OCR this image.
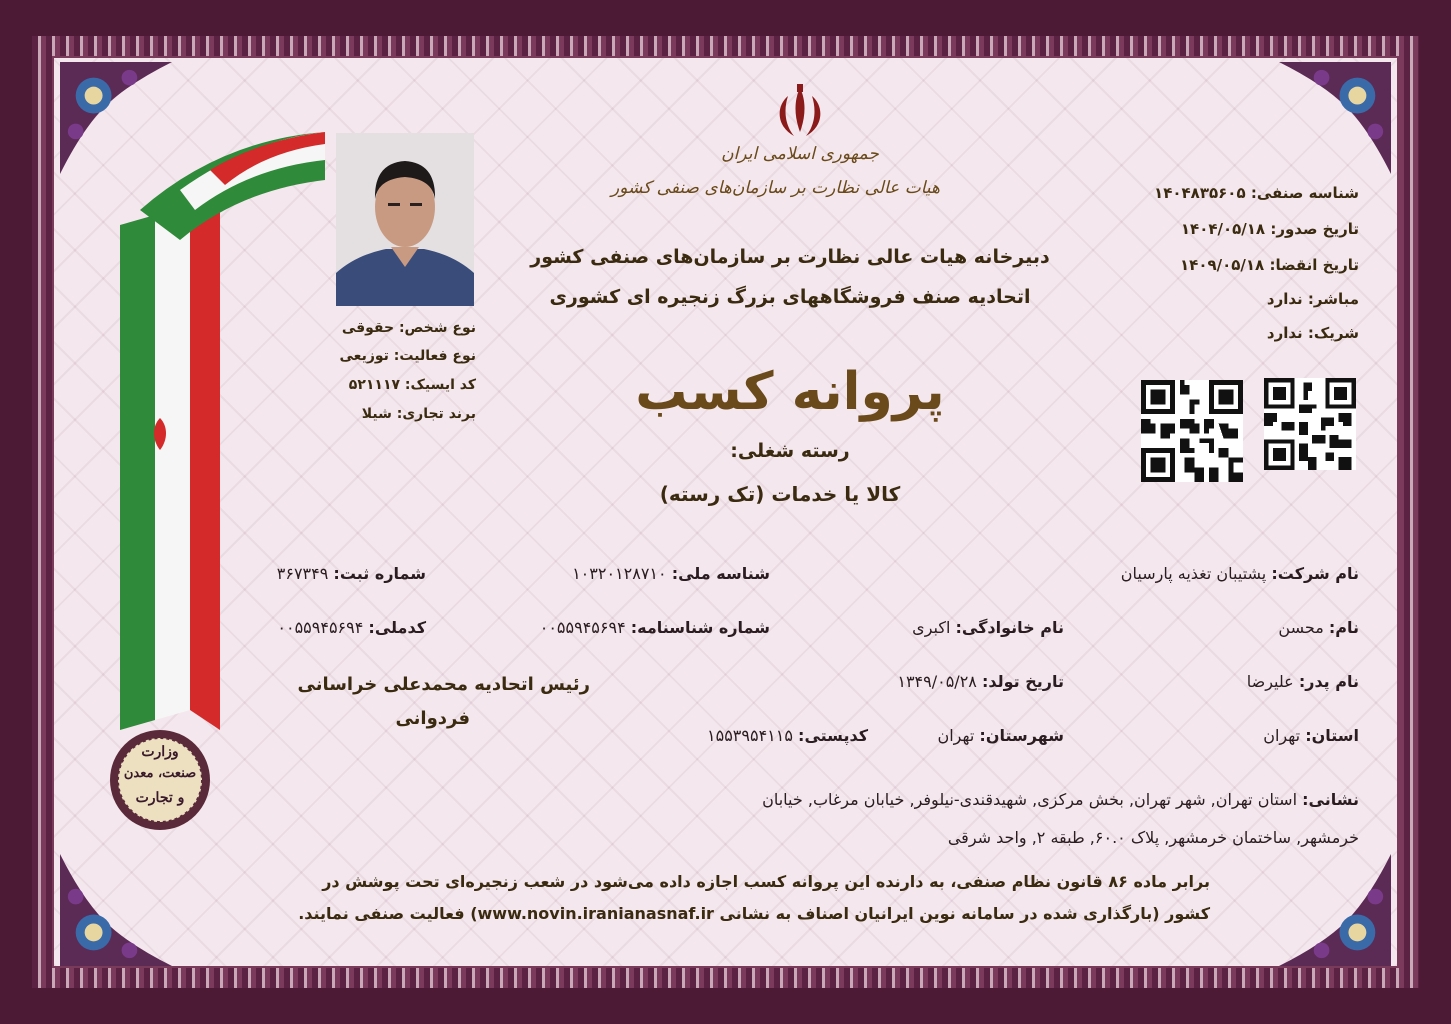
جمهوری اسلامی ایران
هیات عالی نظارت بر سازمان‌های صنفی کشور
دبیرخانه هیات عالی نظارت بر سازمان‌های صنفی کشور
اتحادیه صنف فروشگاههای بزرگ زنجیره ای کشوری
پروانه کسب
رسته شغلی:
کالا یا خدمات (تک رسته)
شناسه صنفی: ۱۴۰۴۸۳۵۶۰۵
تاریخ صدور: ۱۴۰۴/۰۵/۱۸
تاریخ انقضا: ۱۴۰۹/۰۵/۱۸
مباشر: ندارد
شریک: ندارد
وزارت
صنعت، معدن
و تجارت
نوع شخص: حقوقی
نوع فعالیت: توزیعی
کد ایسیک: ۵۲۱۱۱۷
برند تجاری: شیلا
نام شرکت: پشتیبان تغذیه پارسیان
شناسه ملی: ۱۰۳۲۰۱۲۸۷۱۰
شماره ثبت: ۳۶۷۳۴۹
نام: محسن
نام خانوادگی: اکبری
شماره شناسنامه: ۰۰۵۵۹۴۵۶۹۴
کدملی: ۰۰۵۵۹۴۵۶۹۴
نام پدر: علیرضا
تاریخ تولد: ۱۳۴۹/۰۵/۲۸
استان: تهران
شهرستان: تهران
کدپستی: ۱۵۵۳۹۵۴۱۱۵
رئیس اتحادیه محمدعلی خراسانی
فردوانی
نشانی: استان تهران, شهر تهران, بخش مرکزی, شهیدقندی-نیلوفر, خیابان مرغاب, خیابان
خرمشهر, ساختمان خرمشهر, پلاک ۶۰.۰, طبقه ۲, واحد شرقی
برابر ماده ۸۶ قانون نظام صنفی، به دارنده این پروانه کسب اجازه داده می‌شود در شعب زنجیره‌ای تحت پوشش در
کشور (بارگذاری شده در سامانه نوین ایرانیان اصناف به نشانی www.novin.iranianasnaf.ir) فعالیت صنفی نمایند.
